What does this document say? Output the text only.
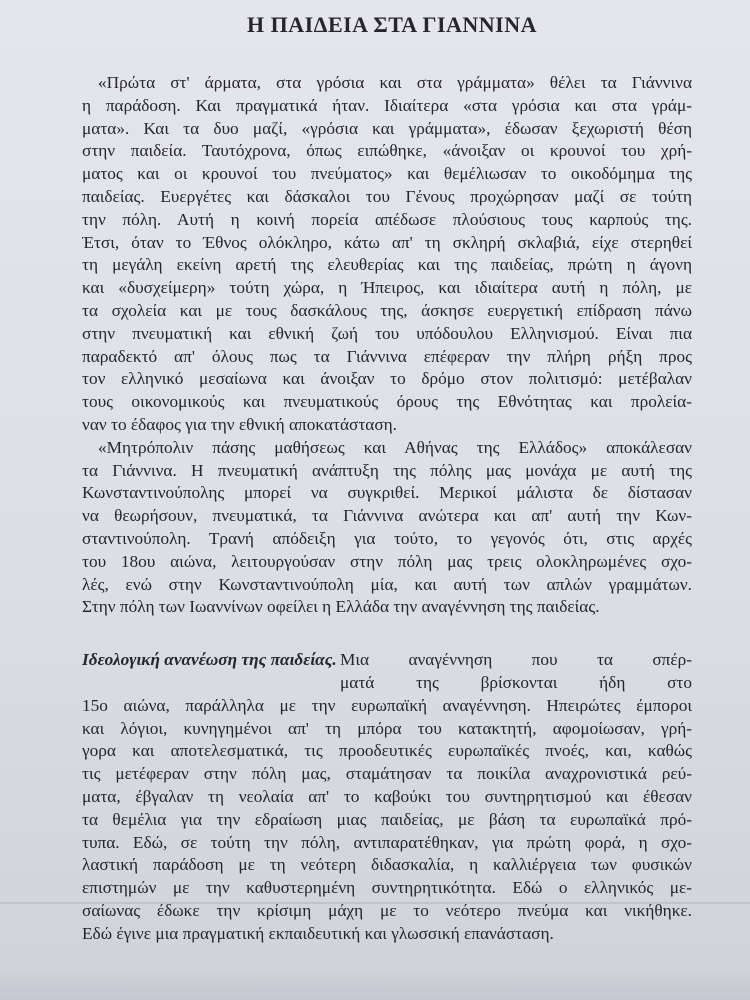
Η ΠΑΙΔΕΙΑ ΣΤΑ ΓΙΑΝΝΙΝΑ
«Πρώτα στ' άρματα, στα γρόσια και στα γράμματα» θέλει τα Γιάννινα
η παράδοση. Και πραγματικά ήταν. Ιδιαίτερα «στα γρόσια και στα γράμ-
ματα». Και τα δυο μαζί, «γρόσια και γράμματα», έδωσαν ξεχωριστή θέση
στην παιδεία. Ταυτόχρονα, όπως ειπώθηκε, «άνοιξαν οι κρουνοί του χρή-
ματος και οι κρουνοί του πνεύματος» και θεμέλιωσαν το οικοδόμημα της
παιδείας. Ευεργέτες και δάσκαλοι του Γένους προχώρησαν μαζί σε τούτη
την πόλη. Αυτή η κοινή πορεία απέδωσε πλούσιους τους καρπούς της.
Έτσι, όταν το Έθνος ολόκληρο, κάτω απ' τη σκληρή σκλαβιά, είχε στερηθεί
τη μεγάλη εκείνη αρετή της ελευθερίας και της παιδείας, πρώτη η άγονη
και «δυσχείμερη» τούτη χώρα, η Ήπειρος, και ιδιαίτερα αυτή η πόλη, με
τα σχολεία και με τους δασκάλους της, άσκησε ευεργετική επίδραση πάνω
στην πνευματική και εθνική ζωή του υπόδουλου Ελληνισμού. Είναι πια
παραδεκτό απ' όλους πως τα Γιάννινα επέφεραν την πλήρη ρήξη προς
τον ελληνικό μεσαίωνα και άνοιξαν το δρόμο στον πολιτισμό: μετέβαλαν
τους οικονομικούς και πνευματικούς όρους της Εθνότητας και προλεία-
ναν το έδαφος για την εθνική αποκατάσταση.
«Μητρόπολιν πάσης μαθήσεως και Αθήνας της Ελλάδος» αποκάλεσαν
τα Γιάννινα. Η πνευματική ανάπτυξη της πόλης μας μονάχα με αυτή της
Κωνσταντινούπολης μπορεί να συγκριθεί. Μερικοί μάλιστα δε δίστασαν
να θεωρήσουν, πνευματικά, τα Γιάννινα ανώτερα και απ' αυτή την Κων-
σταντινούπολη. Τρανή απόδειξη για τούτο, το γεγονός ότι, στις αρχές
του 18ου αιώνα, λειτουργούσαν στην πόλη μας τρεις ολοκληρωμένες σχο-
λές, ενώ στην Κωνσταντινούπολη μία, και αυτή των απλών γραμμάτων.
Στην πόλη των Ιωαννίνων οφείλει η Ελλάδα την αναγέννηση της παιδείας.
Ιδεολογική ανανέωση της παιδείας. Μια αναγέννηση που τα σπέρ-
ματά της βρίσκονται ήδη στο
15ο αιώνα, παράλληλα με την ευρωπαϊκή αναγέννηση. Ηπειρώτες έμποροι
και λόγιοι, κυνηγημένοι απ' τη μπόρα του κατακτητή, αφομοίωσαν, γρή-
γορα και αποτελεσματικά, τις προοδευτικές ευρωπαϊκές πνοές, και, καθώς
τις μετέφεραν στην πόλη μας, σταμάτησαν τα ποικίλα αναχρονιστικά ρεύ-
ματα, έβγαλαν τη νεολαία απ' το καβούκι του συντηρητισμού και έθεσαν
τα θεμέλια για την εδραίωση μιας παιδείας, με βάση τα ευρωπαϊκά πρό-
τυπα. Εδώ, σε τούτη την πόλη, αντιπαρατέθηκαν, για πρώτη φορά, η σχο-
λαστική παράδοση με τη νεότερη διδασκαλία, η καλλιέργεια των φυσικών
επιστημών με την καθυστερημένη συντηρητικότητα. Εδώ ο ελληνικός με-
σαίωνας έδωκε την κρίσιμη μάχη με το νεότερο πνεύμα και νικήθηκε.
Εδώ έγινε μια πραγματική εκπαιδευτική και γλωσσική επανάσταση.
